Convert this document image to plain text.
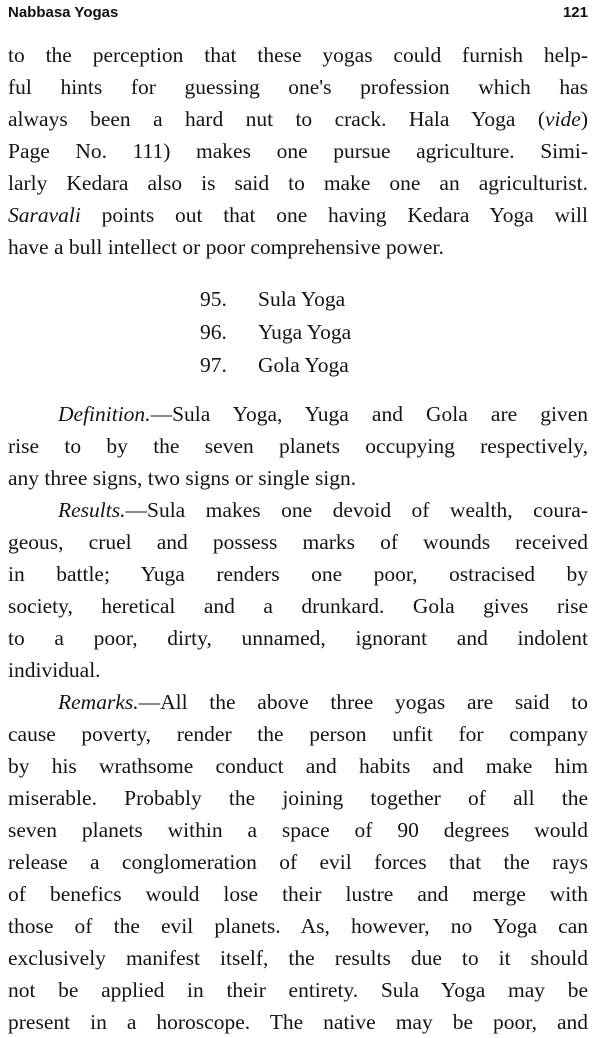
Nabbasa Yogas	121
to the perception that these yogas could furnish help-
ful hints for guessing one's profession which has
always been a hard nut to crack. Hala Yoga (vide)
Page No. 111) makes one pursue agriculture. Simi-
larly Kedara also is said to make one an agriculturist.
Saravali points out that one having Kedara Yoga will
have a bull intellect or poor comprehensive power.
95. Sula Yoga
96. Yuga Yoga
97. Gola Yoga
Definition.—Sula Yoga, Yuga and Gola are given
rise to by the seven planets occupying respectively,
any three signs, two signs or single sign.
Results.—Sula makes one devoid of wealth, coura-
geous, cruel and possess marks of wounds received
in battle; Yuga renders one poor, ostracised by
society, heretical and a drunkard. Gola gives rise
to a poor, dirty, unnamed, ignorant and indolent
individual.
Remarks.—All the above three yogas are said to
cause poverty, render the person unfit for company
by his wrathsome conduct and habits and make him
miserable. Probably the joining together of all the
seven planets within a space of 90 degrees would
release a conglomeration of evil forces that the rays
of benefics would lose their lustre and merge with
those of the evil planets. As, however, no Yoga can
exclusively manifest itself, the results due to it should
not be applied in their entirety. Sula Yoga may be
present in a horoscope. The native may be poor, and
